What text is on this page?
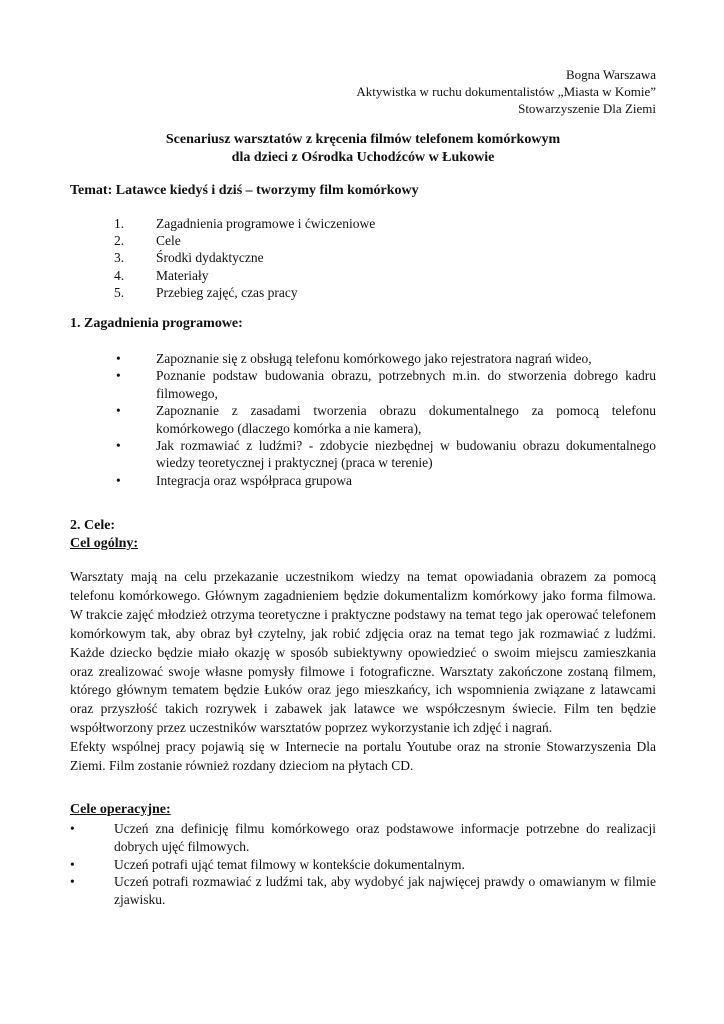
Bogna Warszawa
Aktywistka w ruchu dokumentalistów „Miasta w Komie”
Stowarzyszenie Dla Ziemi
Scenariusz warsztatów z kręcenia filmów telefonem komórkowym
dla dzieci z Ośrodka Uchodźców w Łukowie
Temat: Latawce kiedyś i dziś – tworzymy film komórkowy
1.	Zagadnienia programowe i ćwiczeniowe
2.	Cele
3.	Środki dydaktyczne
4.	Materiały
5.	Przebieg zajęć, czas pracy
1. Zagadnienia programowe:
•	Zapoznanie się z obsługą telefonu komórkowego jako rejestratora nagrań wideo,
•	Poznanie podstaw budowania obrazu, potrzebnych m.in. do stworzenia dobrego kadru filmowego,
•	Zapoznanie z zasadami tworzenia obrazu dokumentalnego za pomocą telefonu komórkowego (dlaczego komórka a nie kamera),
•	Jak rozmawiać z ludźmi? - zdobycie niezbędnej w budowaniu obrazu dokumentalnego wiedzy teoretycznej i praktycznej (praca w terenie)
•	Integracja oraz współpraca grupowa
2. Cele:
Cel ogólny:

Warsztaty mają na celu przekazanie uczestnikom wiedzy na temat opowiadania obrazem za pomocą telefonu komórkowego. Głównym zagadnieniem będzie dokumentalizm komórkowy jako forma filmowa. W trakcie zajęć młodzież otrzyma teoretyczne i praktyczne podstawy na temat tego jak operować telefonem komórkowym tak, aby obraz był czytelny, jak robić zdjęcia oraz na temat tego jak rozmawiać z ludźmi. Każde dziecko będzie miało okazję w sposób subiektywny opowiedzieć o swoim miejscu zamieszkania oraz zrealizować swoje własne pomysły filmowe i fotograficzne. Warsztaty zakończone zostaną filmem, którego głównym tematem będzie Łuków oraz jego mieszkańcy, ich wspomnienia związane z latawcami oraz przyszłość takich rozrywek i zabawek jak latawce we współczesnym świecie. Film ten będzie współtworzony przez uczestników warsztatów poprzez wykorzystanie ich zdjęć i nagrań.

Efekty wspólnej pracy pojawią się w Internecie na portalu Youtube oraz na stronie Stowarzyszenia Dla Ziemi. Film zostanie również rozdany dzieciom na płytach CD.

Cele operacyjne:
•	Uczeń zna definicję filmu komórkowego oraz podstawowe informacje potrzebne do realizacji dobrych ujęć filmowych.
•	Uczeń potrafi ująć temat filmowy w kontekście dokumentalnym.
•	Uczeń potrafi rozmawiać z ludźmi tak, aby wydobyć jak najwięcej prawdy o omawianym w filmie zjawisku.
